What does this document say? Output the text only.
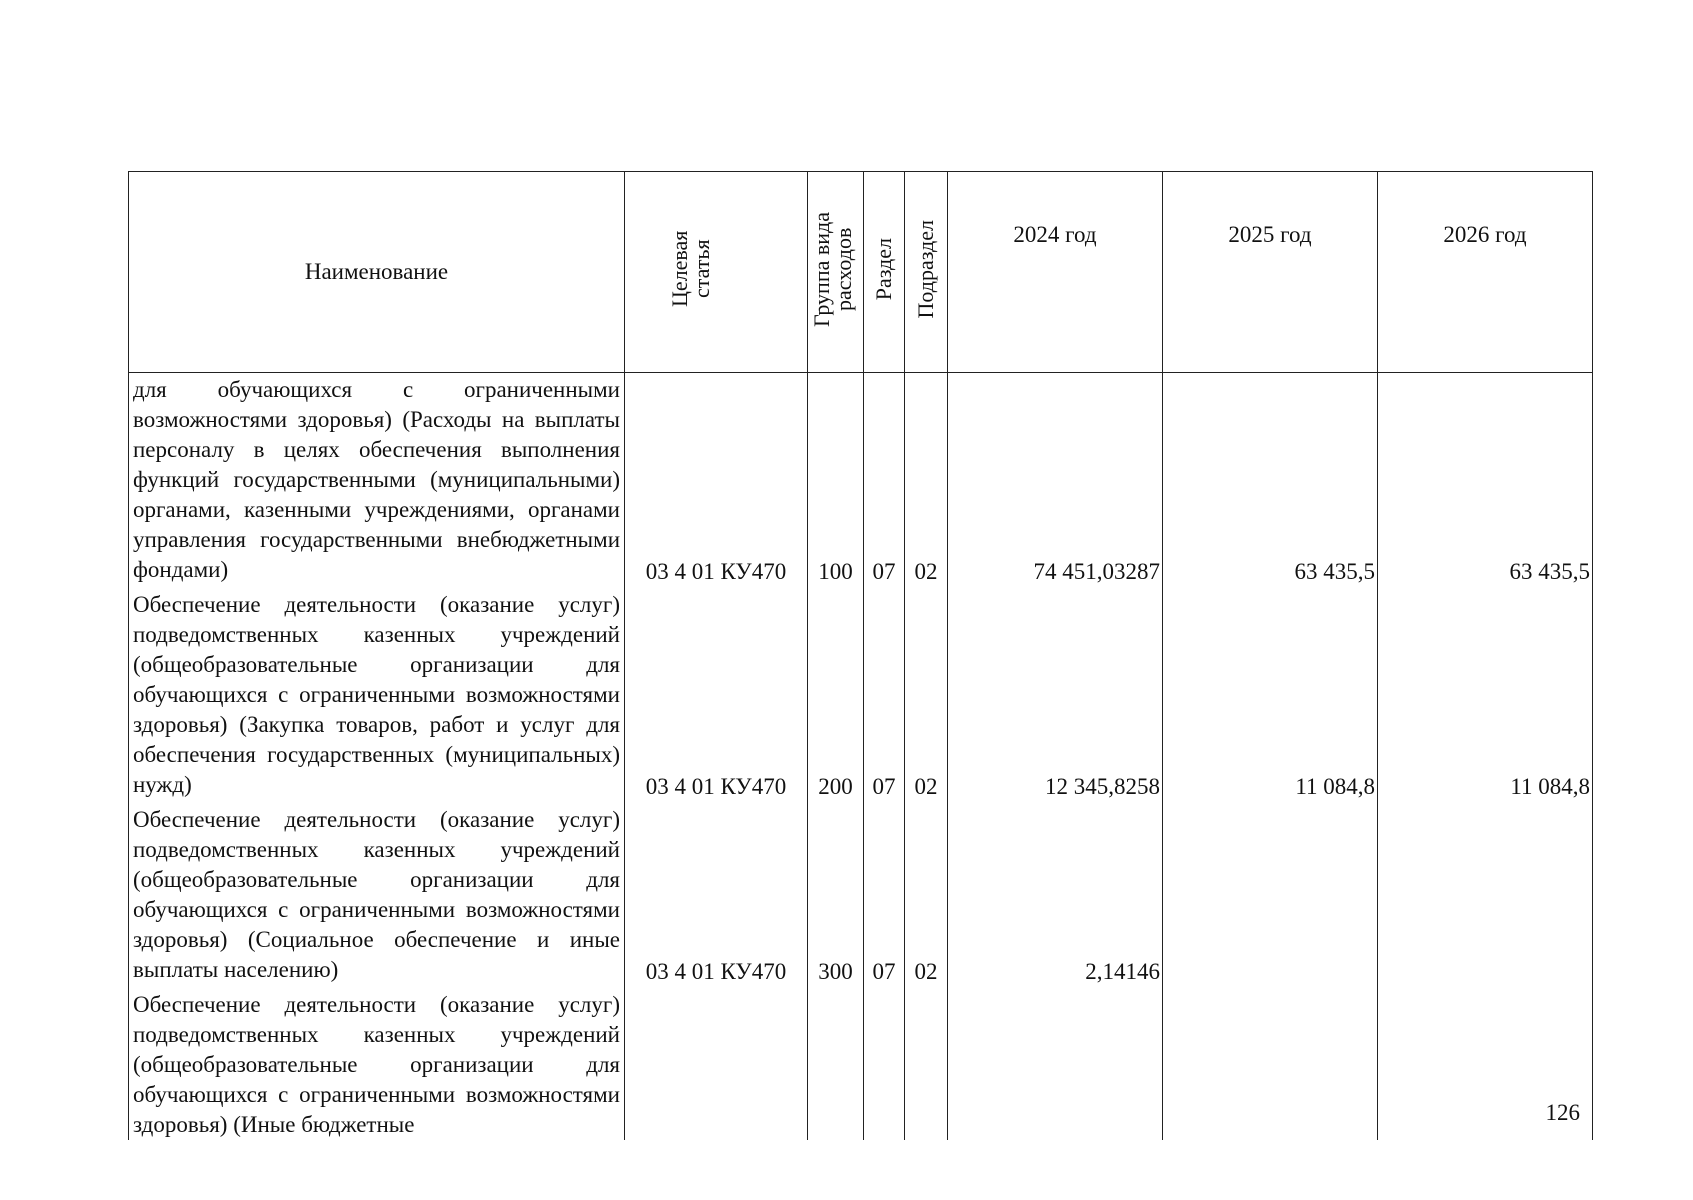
Наименование	Целевая статья	Группа вида расходов	Раздел	Подраздел	2024 год	2025 год	2026 год
для обучающихся с ограниченными возможностями здоровья) (Расходы на выплаты персоналу в целях обеспечения выполнения функций государственными (муниципальными) органами, казенными учреждениями, органами управления государственными внебюджетными фондами)	03 4 01 КУ470	100	07	02	74 451,03287	63 435,5	63 435,5
Обеспечение деятельности (оказание услуг) подведомственных казенных учреждений (общеобразовательные организации для обучающихся с ограниченными возможностями здоровья) (Закупка товаров, работ и услуг для обеспечения государственных (муниципальных) нужд)	03 4 01 КУ470	200	07	02	12 345,8258	11 084,8	11 084,8
Обеспечение деятельности (оказание услуг) подведомственных казенных учреждений (общеобразовательные организации для обучающихся с ограниченными возможностями здоровья) (Социальное обеспечение и иные выплаты населению)	03 4 01 КУ470	300	07	02	2,14146		
Обеспечение деятельности (оказание услуг) подведомственных казенных учреждений (общеобразовательные организации для обучающихся с ограниченными возможностями здоровья) (Иные бюджетные								126
